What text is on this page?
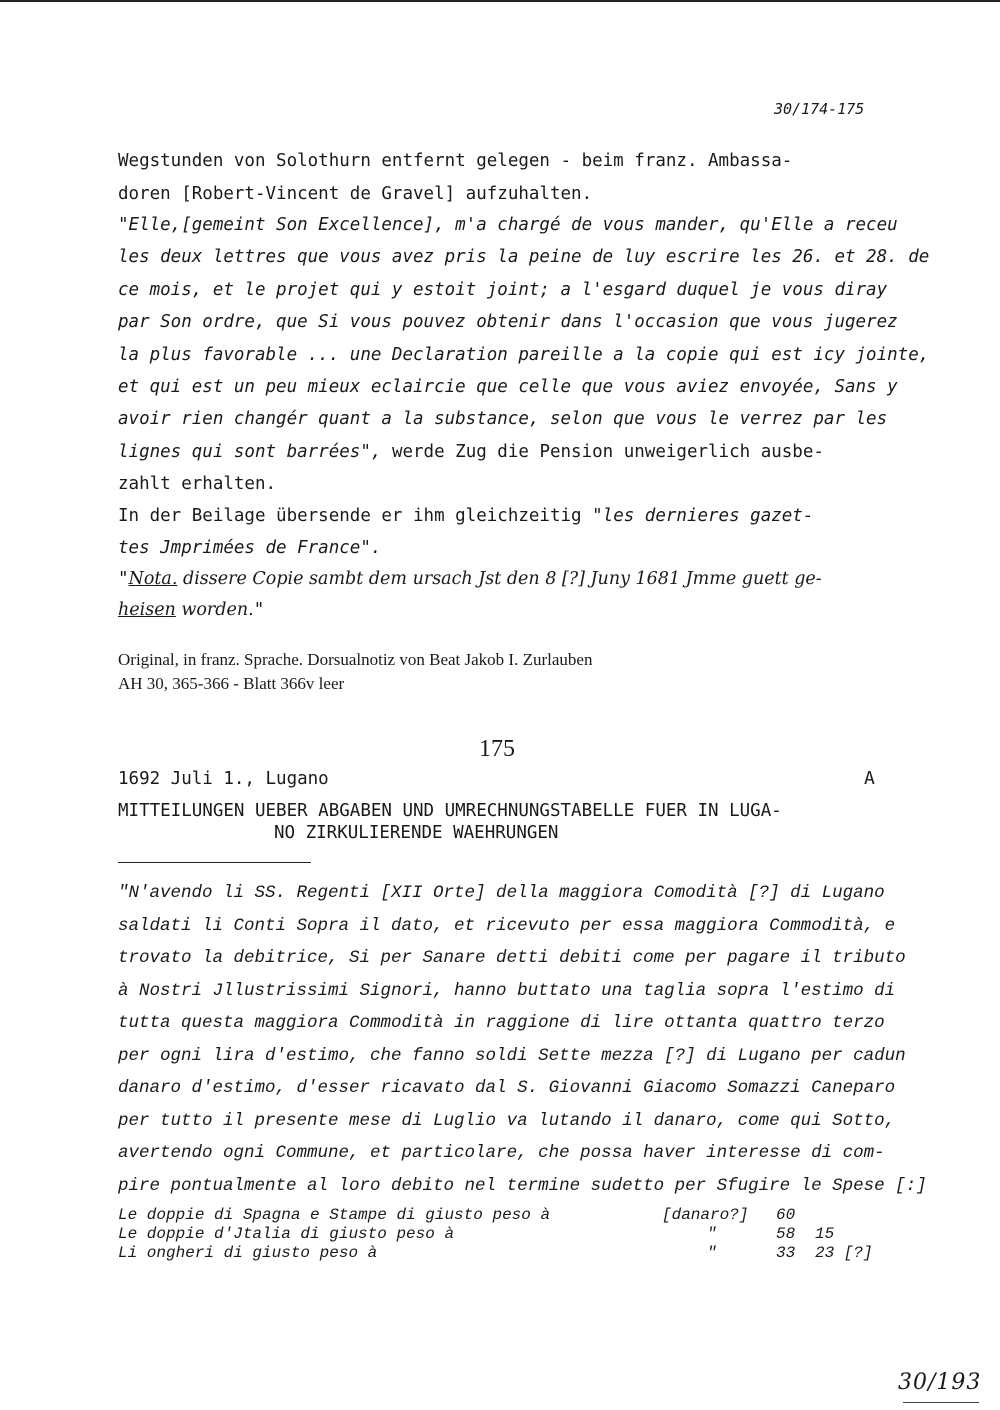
30/174-175
Wegstunden von Solothurn entfernt gelegen - beim franz. Ambassa-
doren [Robert-Vincent de Gravel] aufzuhalten.
"Elle,[gemeint Son Excellence], m'a chargé de vous mander, qu'Elle a receu
les deux lettres que vous avez pris la peine de luy escrire les 26. et 28. de
ce mois, et le projet qui y estoit joint; a l'esgard duquel je vous diray
par Son ordre, que Si vous pouvez obtenir dans l'occasion que vous jugerez
la plus favorable ... une Declaration pareille a la copie qui est icy jointe,
et qui est un peu mieux eclaircie que celle que vous aviez envoyée, Sans y
avoir rien changér quant a la substance, selon que vous le verrez par les
lignes qui sont barrées", werde Zug die Pension unweigerlich ausbe-
zahlt erhalten.
In der Beilage übersende er ihm gleichzeitig "les dernieres gazet-
tes Jmprimées de France".
"Nota. dissere Copie sambt dem ursach Jst den 8 [?] Juny 1681 Jmme guett ge-
heisen worden."
Original, in franz. Sprache. Dorsualnotiz von Beat Jakob I. Zurlauben
AH 30, 365-366 - Blatt 366v leer
175
1692 Juli 1., Lugano	A
MITTEILUNGEN UEBER ABGABEN UND UMRECHNUNGSTABELLE FUER IN LUGA-
NO ZIRKULIERENDE WAEHRUNGEN
"N'avendo li SS. Regenti [XII Orte] della maggiora Comodità [?] di Lugano
saldati li Conti Sopra il dato, et ricevuto per essa maggiora Commodità, e
trovato la debitrice, Si per Sanare detti debiti come per pagare il tributo
à Nostri Jllustrissimi Signori, hanno buttato una taglia sopra l'estimo di
tutta questa maggiora Commodità in raggione di lire ottanta quattro terzo
per ogni lira d'estimo, che fanno soldi Sette mezza [?] di Lugano per cadun
danaro d'estimo, d'esser ricavato dal S. Giovanni Giacomo Somazzi Caneparo
per tutto il presente mese di Luglio va lutando il danaro, come qui Sotto,
avertendo ogni Commune, et particolare, che possa haver interesse di com-
pire pontualmente al loro debito nel termine sudetto per Sfugire le Spese [:]
Le doppie di Spagna e Stampe di giusto peso à	[danaro?] 60
Le doppie d'Jtalia di giusto peso à	"	58 15
Li ongheri di giusto peso à	"	33 23 [?]
30/193
